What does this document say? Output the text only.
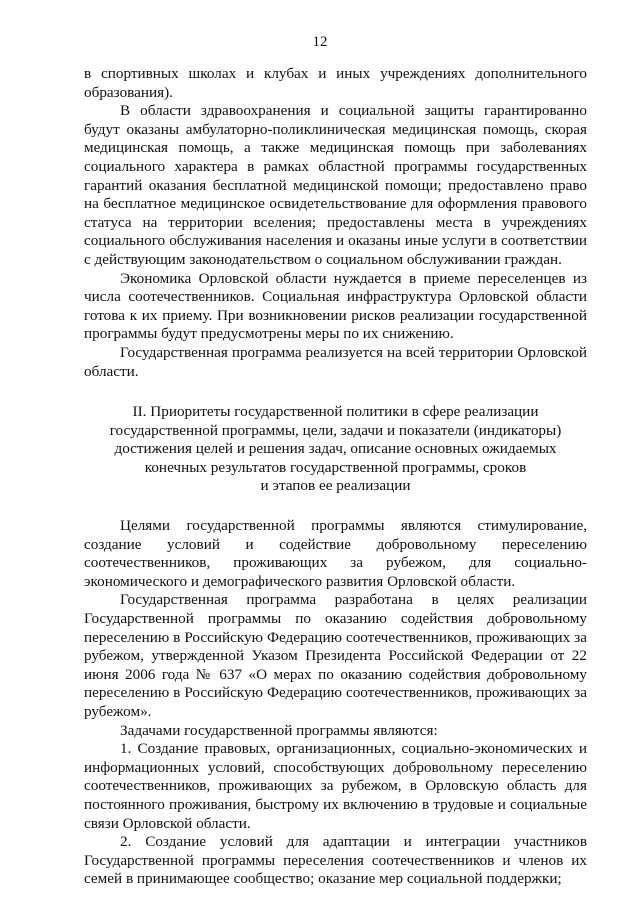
12

в спортивных школах и клубах и иных учреждениях дополнительного образования).

В области здравоохранения и социальной защиты гарантированно будут оказаны амбулаторно-поликлиническая медицинская помощь, скорая медицинская помощь, а также медицинская помощь при заболеваниях социального характера в рамках областной программы государственных гарантий оказания бесплатной медицинской помощи; предоставлено право на бесплатное медицинское освидетельствование для оформления правового статуса на территории вселения; предоставлены места в учреждениях социального обслуживания населения и оказаны иные услуги в соответствии с действующим законодательством о социальном обслуживании граждан.

Экономика Орловской области нуждается в приеме переселенцев из числа соотечественников. Социальная инфраструктура Орловской области готова к их приему. При возникновении рисков реализации государственной программы будут предусмотрены меры по их снижению.

Государственная программа реализуется на всей территории Орловской области.

II. Приоритеты государственной политики в сфере реализации
государственной программы, цели, задачи и показатели (индикаторы)
достижения целей и решения задач, описание основных ожидаемых
конечных результатов государственной программы, сроков
и этапов ее реализации

Целями государственной программы являются стимулирование, создание условий и содействие добровольному переселению соотечественников, проживающих за рубежом, для социально-экономического и демографического развития Орловской области.

Государственная программа разработана в целях реализации Государственной программы по оказанию содействия добровольному переселению в Российскую Федерацию соотечественников, проживающих за рубежом, утвержденной Указом Президента Российской Федерации от 22 июня 2006 года № 637 «О мерах по оказанию содействия добровольному переселению в Российскую Федерацию соотечественников, проживающих за рубежом».

Задачами государственной программы являются:

1. Создание правовых, организационных, социально-экономических и информационных условий, способствующих добровольному переселению соотечественников, проживающих за рубежом, в Орловскую область для постоянного проживания, быстрому их включению в трудовые и социальные связи Орловской области.

2. Создание условий для адаптации и интеграции участников Государственной программы переселения соотечественников и членов их семей в принимающее сообщество; оказание мер социальной поддержки;
